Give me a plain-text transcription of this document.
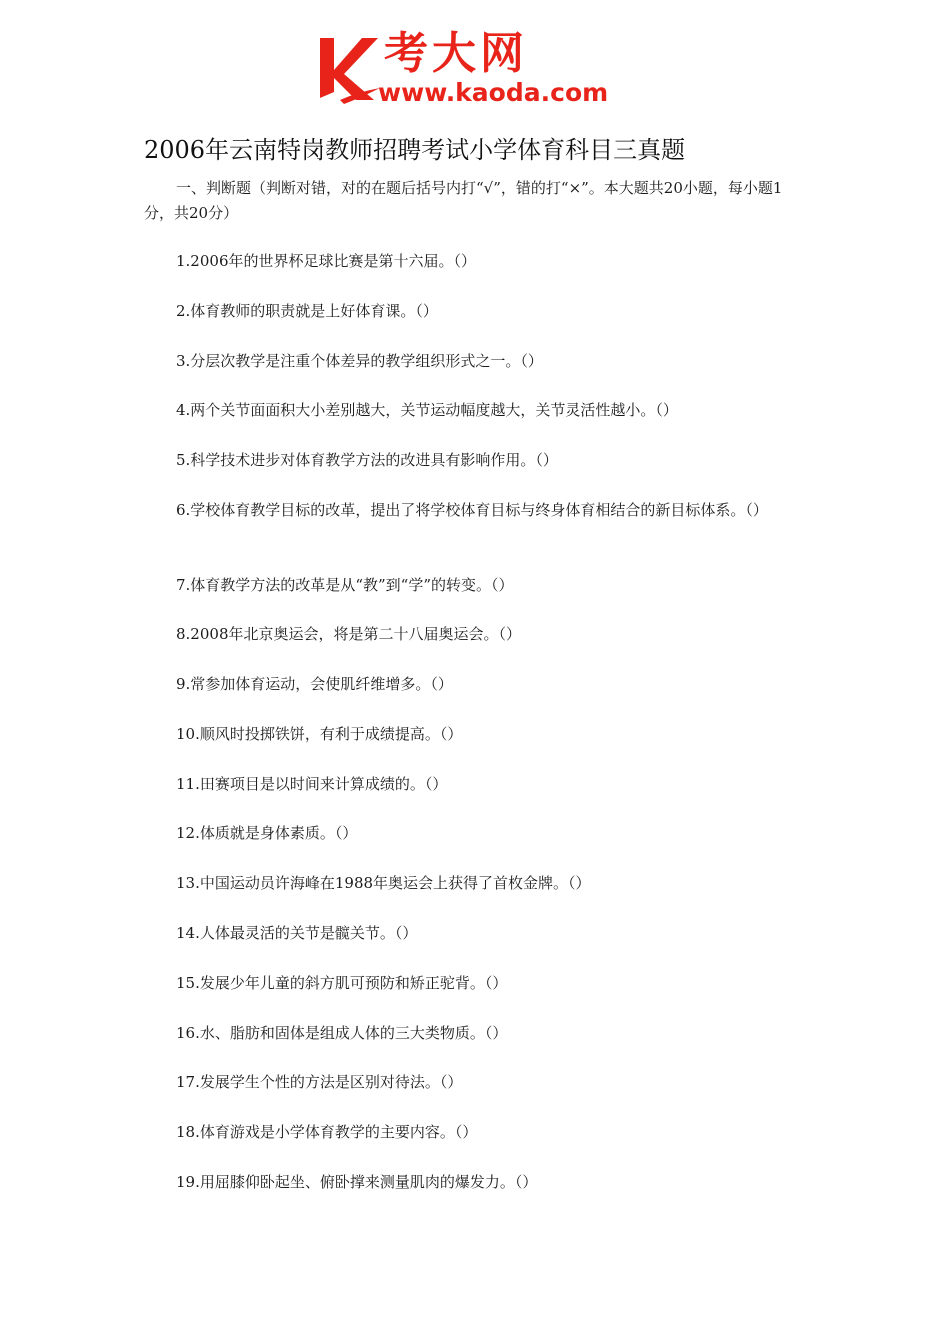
考大网
www.kaoda.com
2006年云南特岗教师招聘考试小学体育科目三真题
一、判断题（判断对错，对的在题后括号内打“√”，错的打“×”。本大题共20小题，每小题1分，共20分）
1.2006年的世界杯足球比赛是第十六届。（）
2.体育教师的职责就是上好体育课。（）
3.分层次教学是注重个体差异的教学组织形式之一。（）
4.两个关节面面积大小差别越大，关节运动幅度越大，关节灵活性越小。（）
5.科学技术进步对体育教学方法的改进具有影响作用。（）
6.学校体育教学目标的改革，提出了将学校体育目标与终身体育相结合的新目标体系。（）
7.体育教学方法的改革是从“教”到“学”的转变。（）
8.2008年北京奥运会，将是第二十八届奥运会。（）
9.常参加体育运动，会使肌纤维增多。（）
10.顺风时投掷铁饼，有利于成绩提高。（）
11.田赛项目是以时间来计算成绩的。（）
12.体质就是身体素质。（）
13.中国运动员许海峰在1988年奥运会上获得了首枚金牌。（）
14.人体最灵活的关节是髋关节。（）
15.发展少年儿童的斜方肌可预防和矫正驼背。（）
16.水、脂肪和固体是组成人体的三大类物质。（）
17.发展学生个性的方法是区别对待法。（）
18.体育游戏是小学体育教学的主要内容。（）
19.用屈膝仰卧起坐、俯卧撑来测量肌肉的爆发力。（）
